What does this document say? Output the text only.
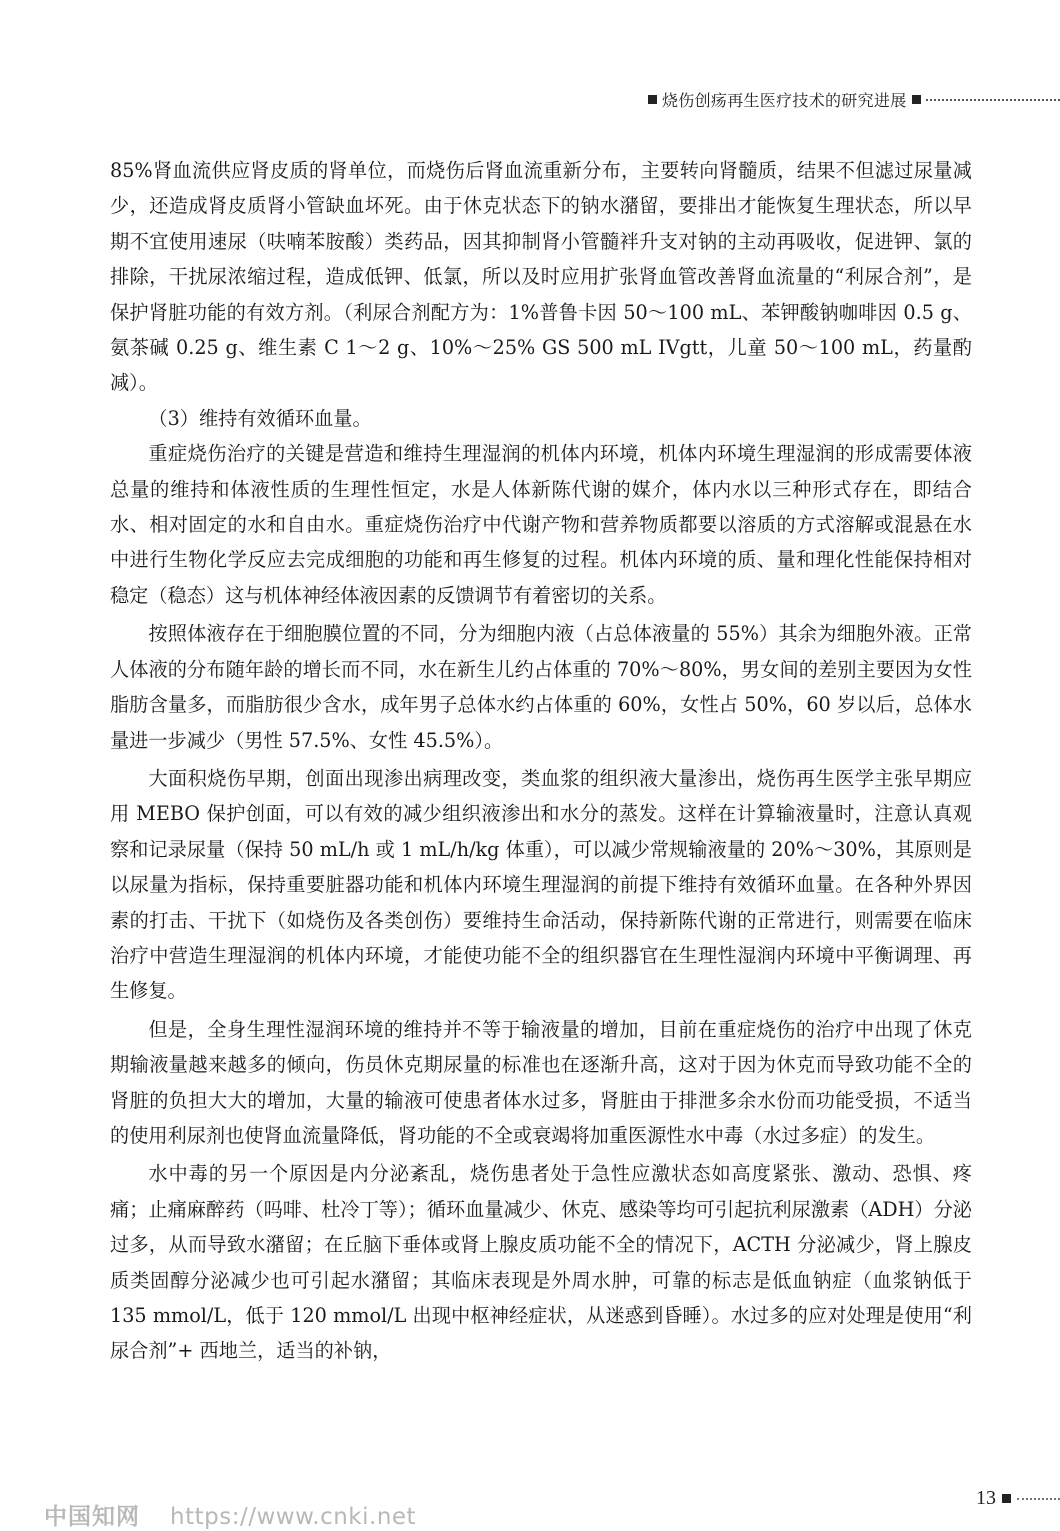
烧伤创疡再生医疗技术的研究进展

85%肾血流供应肾皮质的肾单位，而烧伤后肾血流重新分布，主要转向肾髓质，结果不但滤过尿量减少，还造成肾皮质肾小管缺血坏死。由于休克状态下的钠水潴留，要排出才能恢复生理状态，所以早期不宜使用速尿（呋喃苯胺酸）类药品，因其抑制肾小管髓袢升支对钠的主动再吸收，促进钾、氯的排除，干扰尿浓缩过程，造成低钾、低氯，所以及时应用扩张肾血管改善肾血流量的“利尿合剂”，是保护肾脏功能的有效方剂。（利尿合剂配方为：1%普鲁卡因 50～100 mL、苯钾酸钠咖啡因 0.5 g、氨茶碱 0.25 g、维生素 C 1～2 g、10%～25% GS 500 mL IVgtt，儿童 50～100 mL，药量酌减）。

（3）维持有效循环血量。

重症烧伤治疗的关键是营造和维持生理湿润的机体内环境，机体内环境生理湿润的形成需要体液总量的维持和体液性质的生理性恒定，水是人体新陈代谢的媒介，体内水以三种形式存在，即结合水、相对固定的水和自由水。重症烧伤治疗中代谢产物和营养物质都要以溶质的方式溶解或混悬在水中进行生物化学反应去完成细胞的功能和再生修复的过程。机体内环境的质、量和理化性能保持相对稳定（稳态）这与机体神经体液因素的反馈调节有着密切的关系。

按照体液存在于细胞膜位置的不同，分为细胞内液（占总体液量的 55%）其余为细胞外液。正常人体液的分布随年龄的增长而不同，水在新生儿约占体重的 70%～80%，男女间的差别主要因为女性脂肪含量多，而脂肪很少含水，成年男子总体水约占体重的 60%，女性占 50%，60 岁以后，总体水量进一步减少（男性 57.5%、女性 45.5%）。

大面积烧伤早期，创面出现渗出病理改变，类血浆的组织液大量渗出，烧伤再生医学主张早期应用 MEBO 保护创面，可以有效的减少组织液渗出和水分的蒸发。这样在计算输液量时，注意认真观察和记录尿量（保持 50 mL/h 或 1 mL/h/kg 体重），可以减少常规输液量的 20%～30%，其原则是以尿量为指标，保持重要脏器功能和机体内环境生理湿润的前提下维持有效循环血量。在各种外界因素的打击、干扰下（如烧伤及各类创伤）要维持生命活动，保持新陈代谢的正常进行，则需要在临床治疗中营造生理湿润的机体内环境，才能使功能不全的组织器官在生理性湿润内环境中平衡调理、再生修复。

但是，全身生理性湿润环境的维持并不等于输液量的增加，目前在重症烧伤的治疗中出现了休克期输液量越来越多的倾向，伤员休克期尿量的标准也在逐渐升高，这对于因为休克而导致功能不全的肾脏的负担大大的增加，大量的输液可使患者体水过多，肾脏由于排泄多余水份而功能受损，不适当的使用利尿剂也使肾血流量降低，肾功能的不全或衰竭将加重医源性水中毒（水过多症）的发生。

水中毒的另一个原因是内分泌紊乱，烧伤患者处于急性应激状态如高度紧张、激动、恐惧、疼痛；止痛麻醉药（吗啡、杜冷丁等）；循环血量减少、休克、感染等均可引起抗利尿激素（ADH）分泌过多，从而导致水潴留；在丘脑下垂体或肾上腺皮质功能不全的情况下，ACTH 分泌减少，肾上腺皮质类固醇分泌减少也可引起水潴留；其临床表现是外周水肿，可靠的标志是低血钠症（血浆钠低于 135 mmol/L，低于 120 mmol/L 出现中枢神经症状，从迷惑到昏睡）。水过多的应对处理是使用“利尿合剂”+ 西地兰，适当的补钠，

13
中国知网 https://www.cnki.net
